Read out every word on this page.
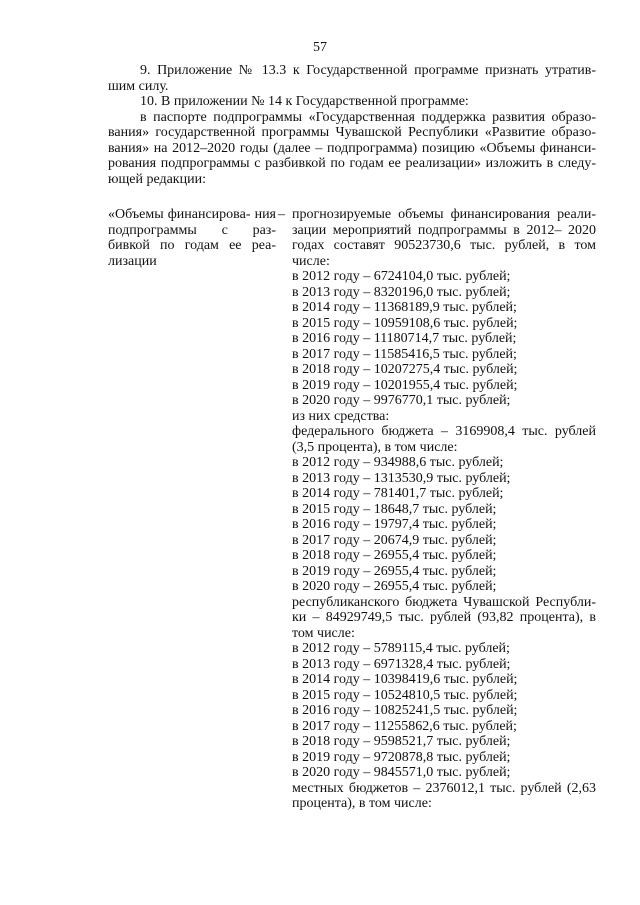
57

9. Приложение № 13.3 к Государственной программе признать утратив- шим силу.

10. В приложении № 14 к Государственной программе:

в паспорте подпрограммы «Государственная поддержка развития образо- вания» государственной программы Чувашской Республики «Развитие образо- вания» на 2012–2020 годы (далее – подпрограмма) позицию «Объемы финанси- рования подпрограммы с разбивкой по годам ее реализации» изложить в следу- ющей редакции:

«Объемы финансирова- ния подпрограммы с раз- бивкой по годам ее реа- лизации
– прогнозируемые объемы финансирования реали- зации мероприятий подпрограммы в 2012– 2020 годах составят 90523730,6 тыс. рублей, в том числе:

в 2012 году – 6724104,0 тыс. рублей;
в 2013 году – 8320196,0 тыс. рублей;
в 2014 году – 11368189,9 тыс. рублей;
в 2015 году – 10959108,6 тыс. рублей;
в 2016 году – 11180714,7 тыс. рублей;
в 2017 году – 11585416,5 тыс. рублей;
в 2018 году – 10207275,4 тыс. рублей;
в 2019 году – 10201955,4 тыс. рублей;
в 2020 году – 9976770,1 тыс. рублей;
из них средства:

федерального бюджета – 3169908,4 тыс. рублей (3,5 процента), в том числе:

в 2012 году – 934988,6 тыс. рублей;
в 2013 году – 1313530,9 тыс. рублей;
в 2014 году – 781401,7 тыс. рублей;
в 2015 году – 18648,7 тыс. рублей;
в 2016 году – 19797,4 тыс. рублей;
в 2017 году – 20674,9 тыс. рублей;
в 2018 году – 26955,4 тыс. рублей;
в 2019 году – 26955,4 тыс. рублей;
в 2020 году – 26955,4 тыс. рублей;

республиканского бюджета Чувашской Республи- ки – 84929749,5 тыс. рублей (93,82 процента), в том числе:

в 2012 году – 5789115,4 тыс. рублей;
в 2013 году – 6971328,4 тыс. рублей;
в 2014 году – 10398419,6 тыс. рублей;
в 2015 году – 10524810,5 тыс. рублей;
в 2016 году – 10825241,5 тыс. рублей;
в 2017 году – 11255862,6 тыс. рублей;
в 2018 году – 9598521,7 тыс. рублей;
в 2019 году – 9720878,8 тыс. рублей;
в 2020 году – 9845571,0 тыс. рублей;

местных бюджетов – 2376012,1 тыс. рублей (2,63 процента), в том числе:
